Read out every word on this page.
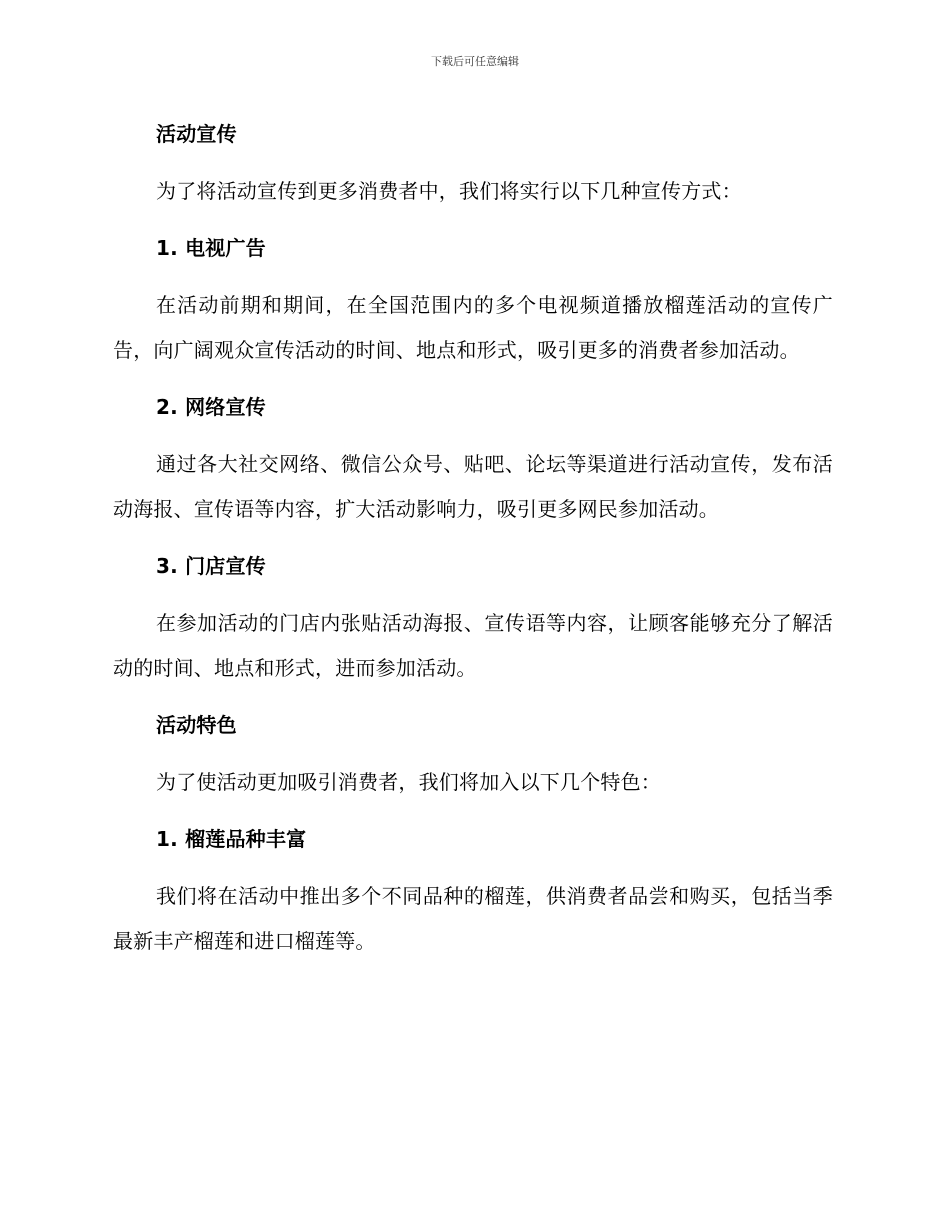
下载后可任意编辑
活动宣传
为了将活动宣传到更多消费者中，我们将实行以下几种宣传方式：
1. 电视广告
在活动前期和期间，在全国范围内的多个电视频道播放榴莲活动的宣传广告，向广阔观众宣传活动的时间、地点和形式，吸引更多的消费者参加活动。
2. 网络宣传
通过各大社交网络、微信公众号、贴吧、论坛等渠道进行活动宣传，发布活动海报、宣传语等内容，扩大活动影响力，吸引更多网民参加活动。
3. 门店宣传
在参加活动的门店内张贴活动海报、宣传语等内容，让顾客能够充分了解活动的时间、地点和形式，进而参加活动。
活动特色
为了使活动更加吸引消费者，我们将加入以下几个特色：
1. 榴莲品种丰富
我们将在活动中推出多个不同品种的榴莲，供消费者品尝和购买，包括当季最新丰产榴莲和进口榴莲等。
